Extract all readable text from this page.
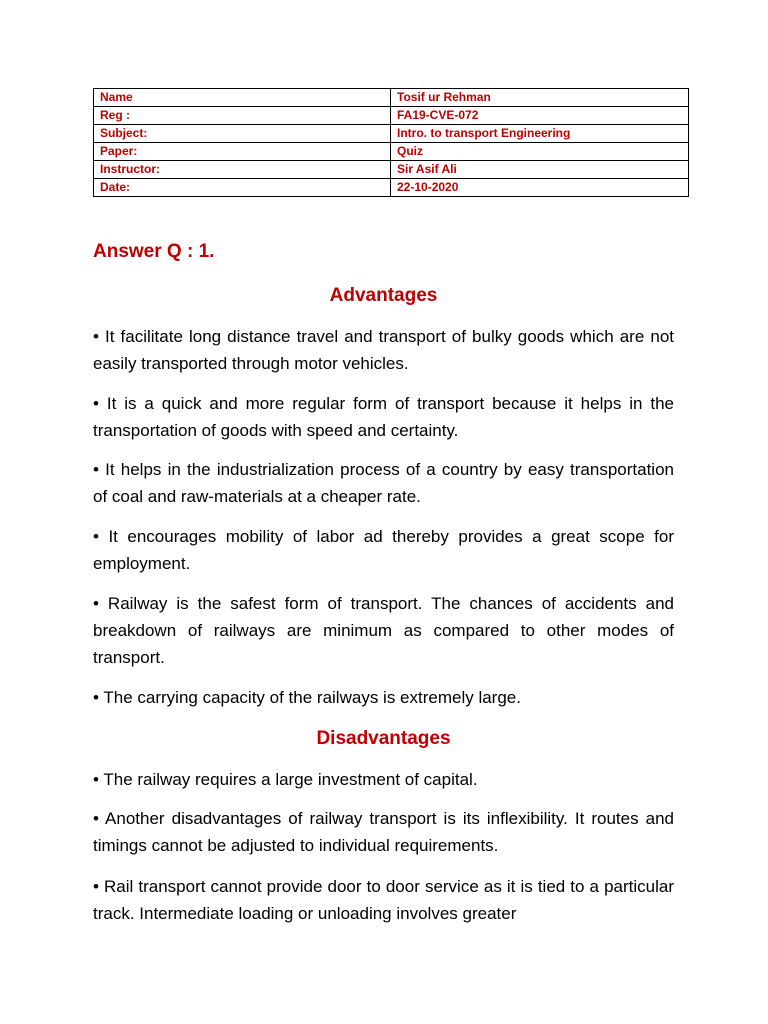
Name	Tosif ur Rehman
Reg :	FA19-CVE-072
Subject:	Intro. to transport Engineering
Paper:	Quiz
Instructor:	Sir Asif Ali
Date:	22-10-2020
Answer Q : 1.
Advantages

• It facilitate long distance travel and transport of bulky goods which are not easily transported through motor vehicles.

• It is a quick and more regular form of transport because it helps in the transportation of goods with speed and certainty.

• It helps in the industrialization process of a country by easy transportation of coal and raw-materials at a cheaper rate.

• It encourages mobility of labor ad thereby provides a great scope for employment.

• Railway is the safest form of transport. The chances of accidents and breakdown of railways are minimum as compared to other modes of transport.

• The carrying capacity of the railways is extremely large.

Disadvantages

• The railway requires a large investment of capital.

• Another disadvantages of railway transport is its inflexibility. It routes and timings cannot be adjusted to individual requirements.

• Rail transport cannot provide door to door service as it is tied to a particular track. Intermediate loading or unloading involves greater
